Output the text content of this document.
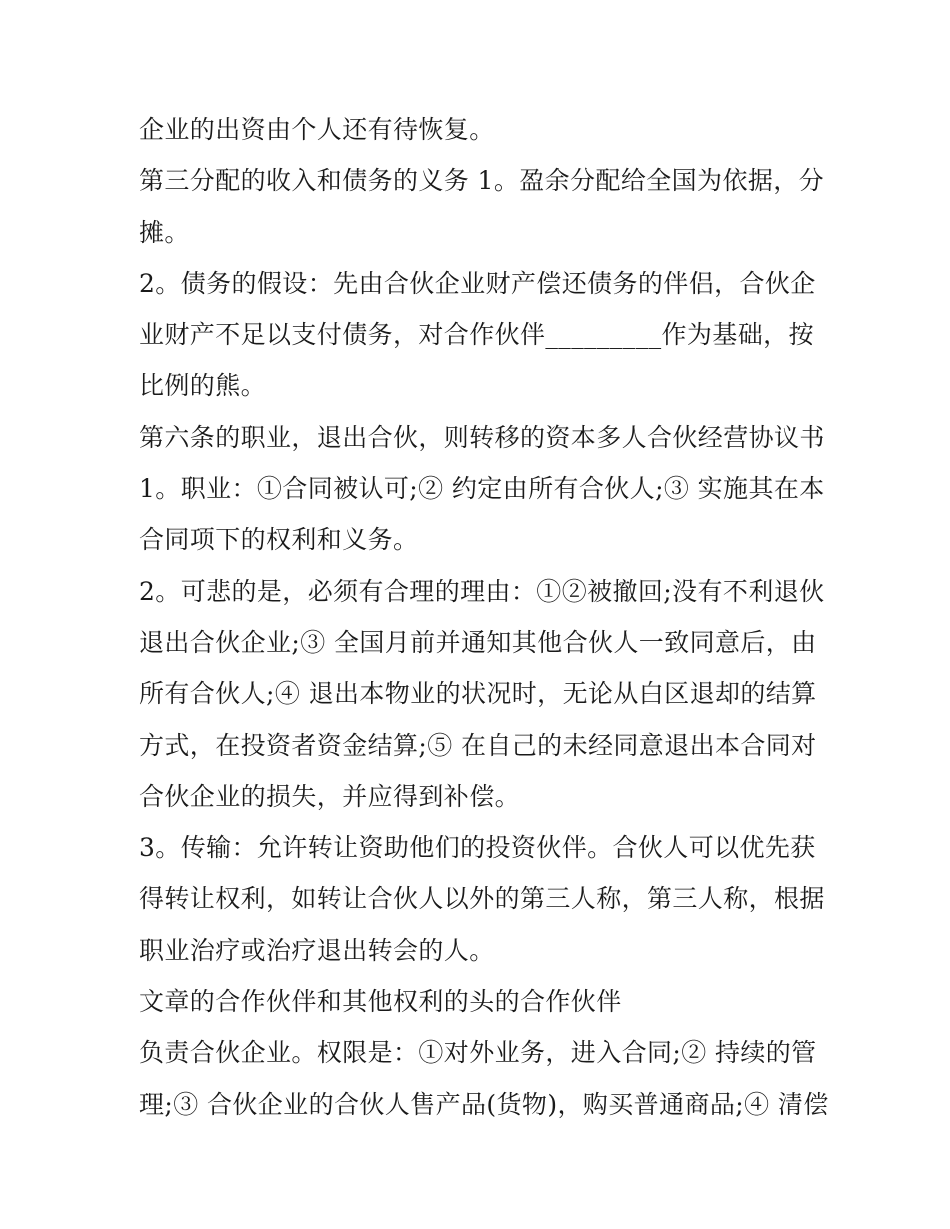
企业的出资由个人还有待恢复。
第三分配的收入和债务的义务 1。盈余分配给全国为依据，分
摊。
2。债务的假设：先由合伙企业财产偿还债务的伴侣，合伙企
业财产不足以支付债务，对合作伙伴_________作为基础，按
比例的熊。
第六条的职业，退出合伙，则转移的资本多人合伙经营协议书
1。职业：①合同被认可;② 约定由所有合伙人;③ 实施其在本
合同项下的权利和义务。
2。可悲的是，必须有合理的理由：①②被撤回;没有不利退伙
退出合伙企业;③ 全国月前并通知其他合伙人一致同意后，由
所有合伙人;④ 退出本物业的状况时，无论从白区退却的结算
方式，在投资者资金结算;⑤ 在自己的未经同意退出本合同对
合伙企业的损失，并应得到补偿。
3。传输：允许转让资助他们的投资伙伴。合伙人可以优先获
得转让权利，如转让合伙人以外的第三人称，第三人称，根据
职业治疗或治疗退出转会的人。
文章的合作伙伴和其他权利的头的合作伙伴
负责合伙企业。权限是：①对外业务，进入合同;② 持续的管
理;③ 合伙企业的合伙人售产品(货物)，购买普通商品;④ 清偿
